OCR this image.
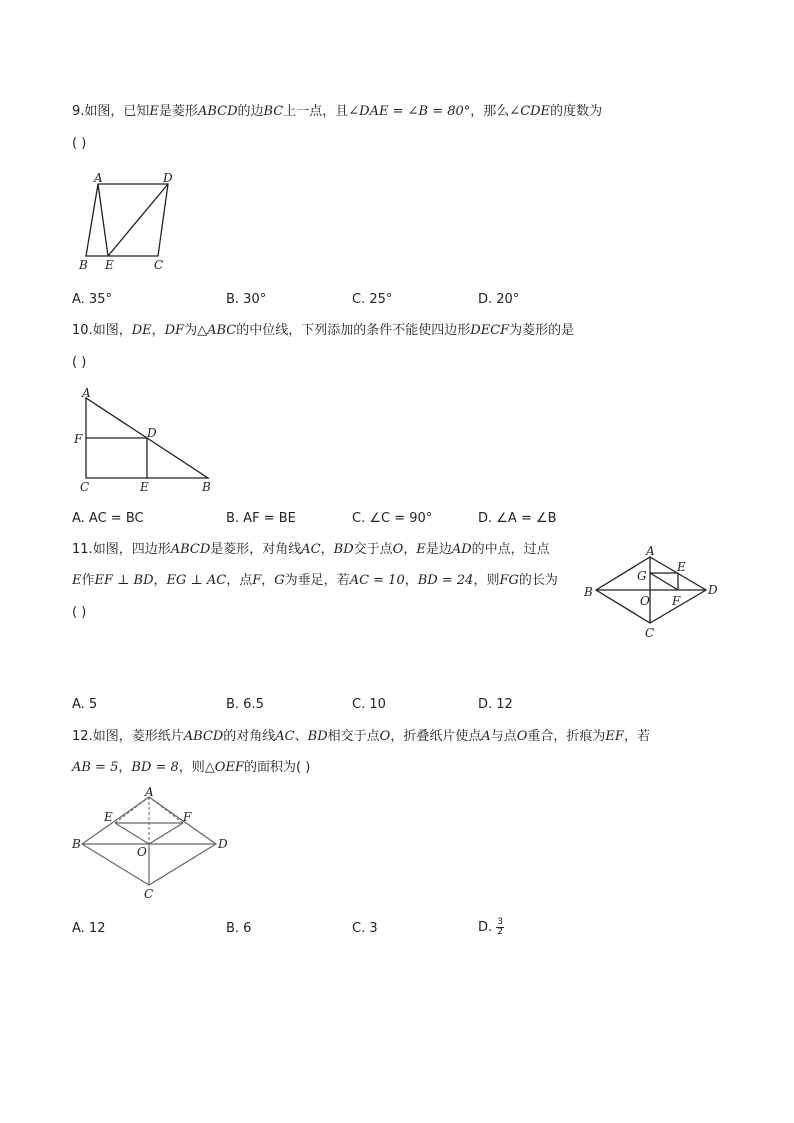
9.如图，已知E是菱形ABCD的边BC上一点，且∠DAE = ∠B = 80°，那么∠CDE的度数为
( )
A	D
B E	C
A. 35°	B. 30°	C. 25°	D. 20°
10.如图，DE，DF为△ABC的中位线，下列添加的条件不能使四边形DECF为菱形的是
( )
A
F	D
C	E	B
A. AC = BC	B. AF = BE	C. ∠C = 90°	D. ∠A = ∠B
11.如图，四边形ABCD是菱形，对角线AC，BD交于点O，E是边AD的中点，过点
E作EF ⊥ BD，EG ⊥ AC，点F，G为垂足，若AC = 10，BD = 24，则FG的长为
( )
A
E
G
B	D
O F
C
A. 5	B. 6.5	C. 10	D. 12
12.如图，菱形纸片ABCD的对角线AC、BD相交于点O，折叠纸片使点A与点O重合，折痕为EF，若
AB = 5，BD = 8，则△OEF的面积为( )
A
E	F
B	D
O
C
A. 12	B. 6	C. 3	D. $\frac{3}{2}$
